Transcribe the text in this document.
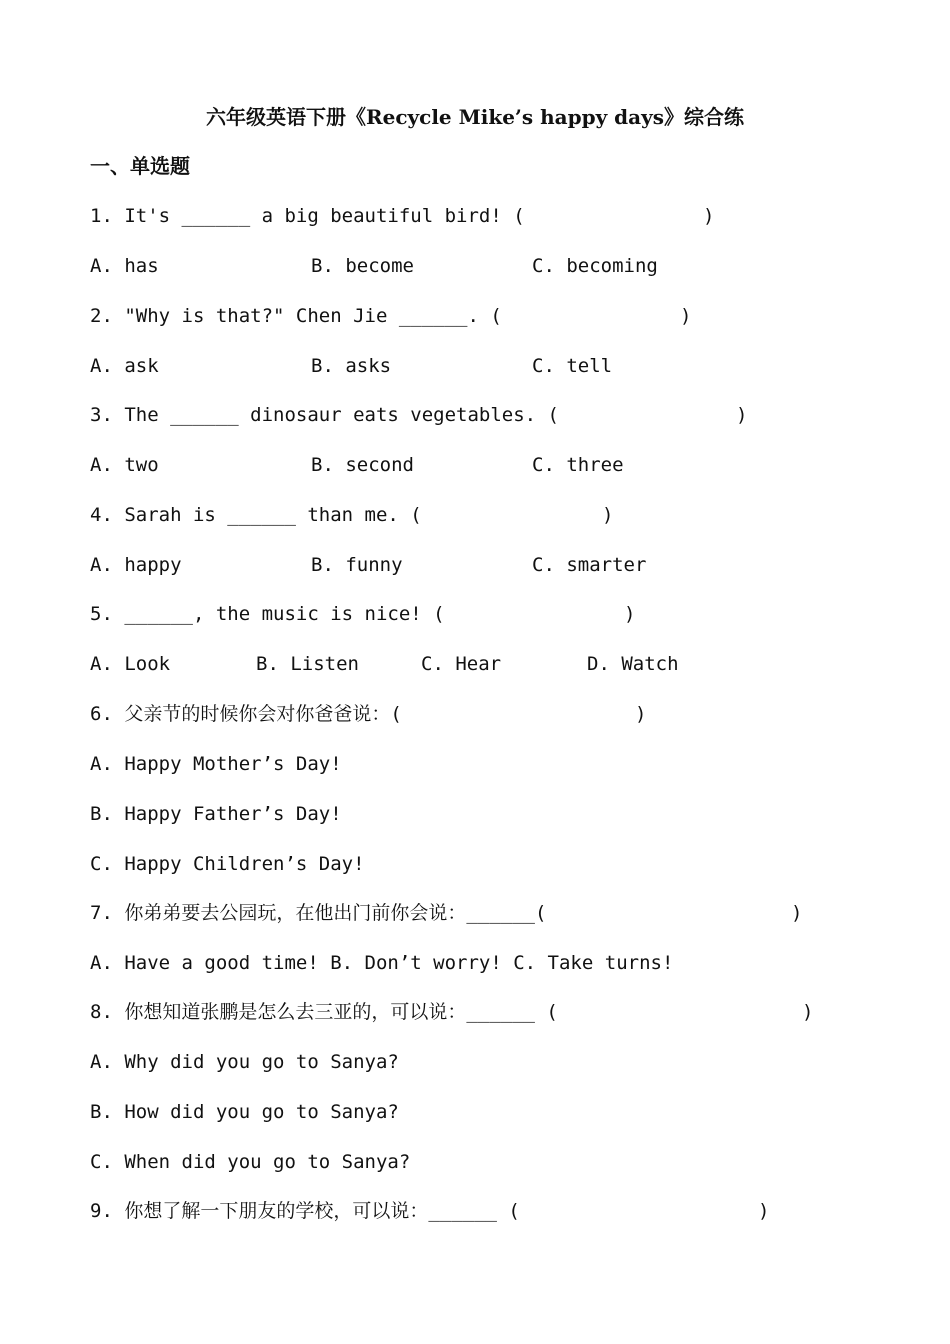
六年级英语下册《Recycle Mike’s happy days》综合练
一、单选题
1. It's ______ a big beautiful bird! (	)
A. has	B. become	C. becoming
2. "Why is that?" Chen Jie ______. (	)
A. ask	B. asks	C. tell
3. The ______ dinosaur eats vegetables. (	)
A. two	B. second	C. three
4. Sarah is ______ than me. (	)
A. happy	B. funny	C. smarter
5. ______, the music is nice! (	)
A. Look	B. Listen	C. Hear	D. Watch
6. 父亲节的时候你会对你爸爸说：(	)
A. Happy Mother’s Day!
B. Happy Father’s Day!
C. Happy Children’s Day!
7. 你弟弟要去公园玩，在他出门前你会说：______(	)
A. Have a good time! B. Don’t worry! C. Take turns!
8. 你想知道张鹏是怎么去三亚的，可以说：______ (	)
A. Why did you go to Sanya?
B. How did you go to Sanya?
C. When did you go to Sanya?
9. 你想了解一下朋友的学校，可以说：______ (	)
